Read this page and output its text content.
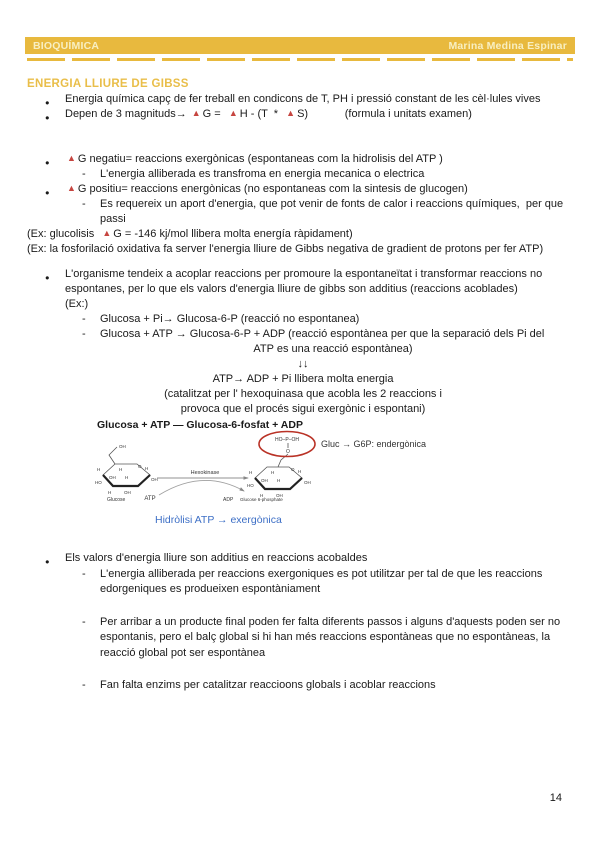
BIOQUÍMICA	Marina Medina Espinar
ENERGIA LLIURE DE GIBSS
● Energia química capç de fer treball en condicons de T, PH i pressió constant de les cèl·lules vives
● Depen de 3 magnituds→ ▲ G =  ▲ H - (T  *  ▲ S)            (formula i unitats examen)
● ▲ G negatiu= reaccions exergònicas (espontaneas com la hidrolisis del ATP )
- L'energia alliberada es transfroma en energia mecanica o electrica
● ▲ G positiu= reaccions energònicas (no espontaneas com la sintesis de glucogen)
- Es requereix un aport d'energia, que pot venir de fonts de calor i reaccions químiques,  per que passi
(Ex: glucolisis  ▲ G = -146 kj/mol llibera molta energía ràpidament)
(Ex: la fosforilació oxidativa fa server l'energia lliure de Gibbs negativa de gradient de protons per fer ATP)
● L'organisme tendeix a acoplar reaccions per promoure la espontaneïtat i transformar reaccions no espontanes, per lo que els valors d'energia lliure de gibbs son additius (reaccions acoblades)
(Ex:)
- Glucosa + Pi→ Glucosa-6-P (reacció no espontanea)
- Glucosa + ATP → Glucosa-6-P + ADP (reacció espontànea per que la separació dels Pi del
ATP es una reacció espontànea)
↓↓
ATP→ ADP + Pi llibera molta energia
(catalitzat per l' hexoquinasa que acobla les 2 reaccions i
provoca que el procés sigui exergònic i espontani)
Glucosa + ATP — Glucosa-6-fosfat + ADP
OH
H	H
O H
OH H	OH
HO
H	OH
Glucose
Hexokinase
ATP	ADP
HO–P–OH
O
H	H
O H
OH H	OH
HO
H	OH
Glucose 6-phosphate
Gluc → G6P: endergònica
Hidròlisi ATP → exergònica
● Els valors d'energia lliure son additius en reaccions acobaldes
- L'energia alliberada per reaccions exergoniques es pot utilitzar per tal de que les reaccions edorgeniques es produeixen espontàniament
- Per arribar a un producte final poden fer falta diferents passos i alguns d'aquests poden ser no espontanis, pero el balç global si hi han més reaccions espontàneas que no espontàneas, la reacció global pot ser espontànea
- Fan falta enzims per catalitzar reaccioons globals i acoblar reaccions
14
